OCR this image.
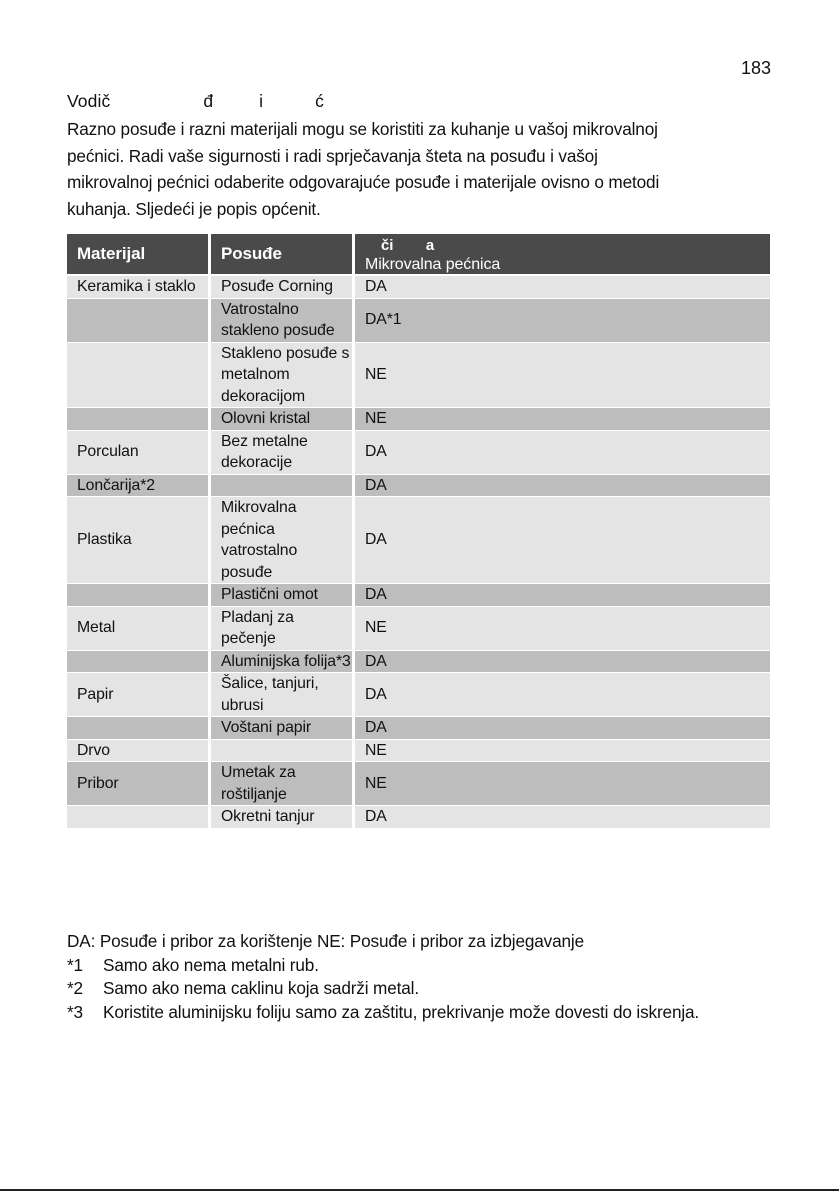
183
Vodič	đ	i	ć
Razno posuđe i razni materijali mogu se koristiti za kuhanje u vašoj mikrovalnoj
pećnici. Radi vaše sigurnosti i radi sprječavanja šteta na posuđu i vašoj
mikrovalnoj pećnici odaberite odgovarajuće posuđe i materijale ovisno o metodi
kuhanja. Sljedeći je popis općenit.
Materijal	Posuđe	či        a
Mikrovalna pećnica

Keramika i staklo	Posuđe Corning	DA
	Vatrostalno stakleno posuđe	DA*1
	Stakleno posuđe s metalnom dekoracijom	NE
	Olovni kristal	NE
Porculan	Bez metalne dekoracije	DA
Lončarija*2		DA
Plastika	Mikrovalna pećnica vatrostalno posuđe	DA
	Plastični omot	DA
Metal	Pladanj za pečenje	NE
	Aluminijska folija*3	DA
Papir	Šalice, tanjuri, ubrusi	DA
	Voštani papir	DA
Drvo		NE
Pribor	Umetak za roštiljanje	NE
	Okretni tanjur	DA
DA: Posuđe i pribor za korištenje NE: Posuđe i pribor za izbjegavanje
*1	Samo ako nema metalni rub.
*2	Samo ako nema caklinu koja sadrži metal.
*3	Koristite aluminijsku foliju samo za zaštitu, prekrivanje može dovesti do iskrenja.
